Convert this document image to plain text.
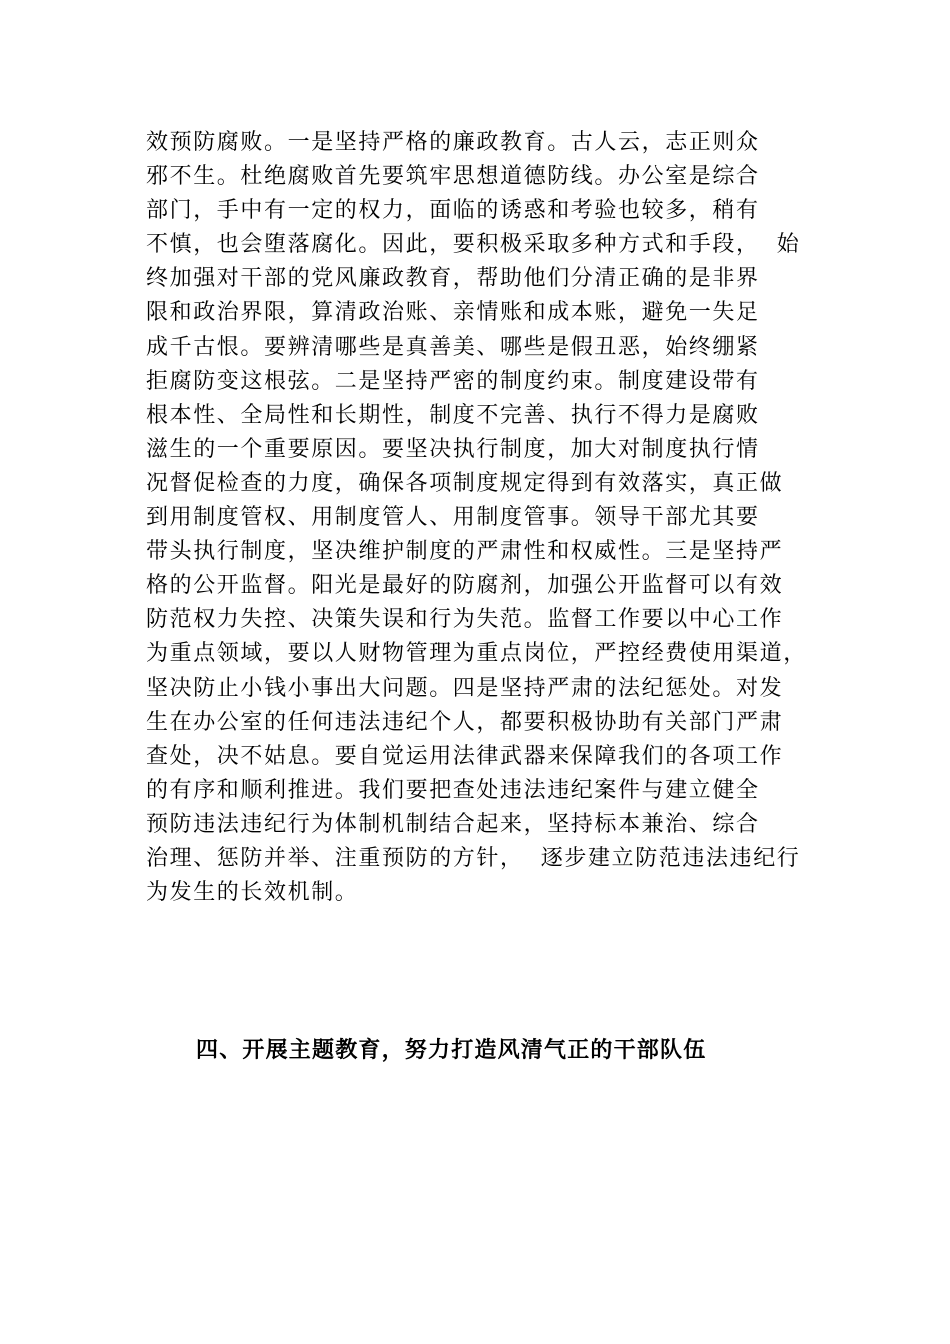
效预防腐败。一是坚持严格的廉政教育。古人云，志正则众
邪不生。杜绝腐败首先要筑牢思想道德防线。办公室是综合
部门，手中有一定的权力，面临的诱惑和考验也较多，稍有
不慎，也会堕落腐化。因此，要积极采取多种方式和手段，  始
终加强对干部的党风廉政教育，帮助他们分清正确的是非界
限和政治界限，算清政治账、亲情账和成本账，避免一失足
成千古恨。要辨清哪些是真善美、哪些是假丑恶，始终绷紧
拒腐防变这根弦。二是坚持严密的制度约束。制度建设带有
根本性、全局性和长期性，制度不完善、执行不得力是腐败
滋生的一个重要原因。要坚决执行制度，加大对制度执行情
况督促检查的力度，确保各项制度规定得到有效落实，真正做
到用制度管权、用制度管人、用制度管事。领导干部尤其要
带头执行制度，坚决维护制度的严肃性和权威性。三是坚持严
格的公开监督。阳光是最好的防腐剂，加强公开监督可以有效
防范权力失控、决策失误和行为失范。监督工作要以中心工作
为重点领域，要以人财物管理为重点岗位，严控经费使用渠道，
坚决防止小钱小事出大问题。四是坚持严肃的法纪惩处。对发
生在办公室的任何违法违纪个人，都要积极协助有关部门严肃
查处，决不姑息。要自觉运用法律武器来保障我们的各项工作
的有序和顺利推进。我们要把查处违法违纪案件与建立健全
预防违法违纪行为体制机制结合起来，坚持标本兼治、综合
治理、惩防并举、注重预防的方针，  逐步建立防范违法违纪行
为发生的长效机制。
四、开展主题教育，努力打造风清气正的干部队伍
